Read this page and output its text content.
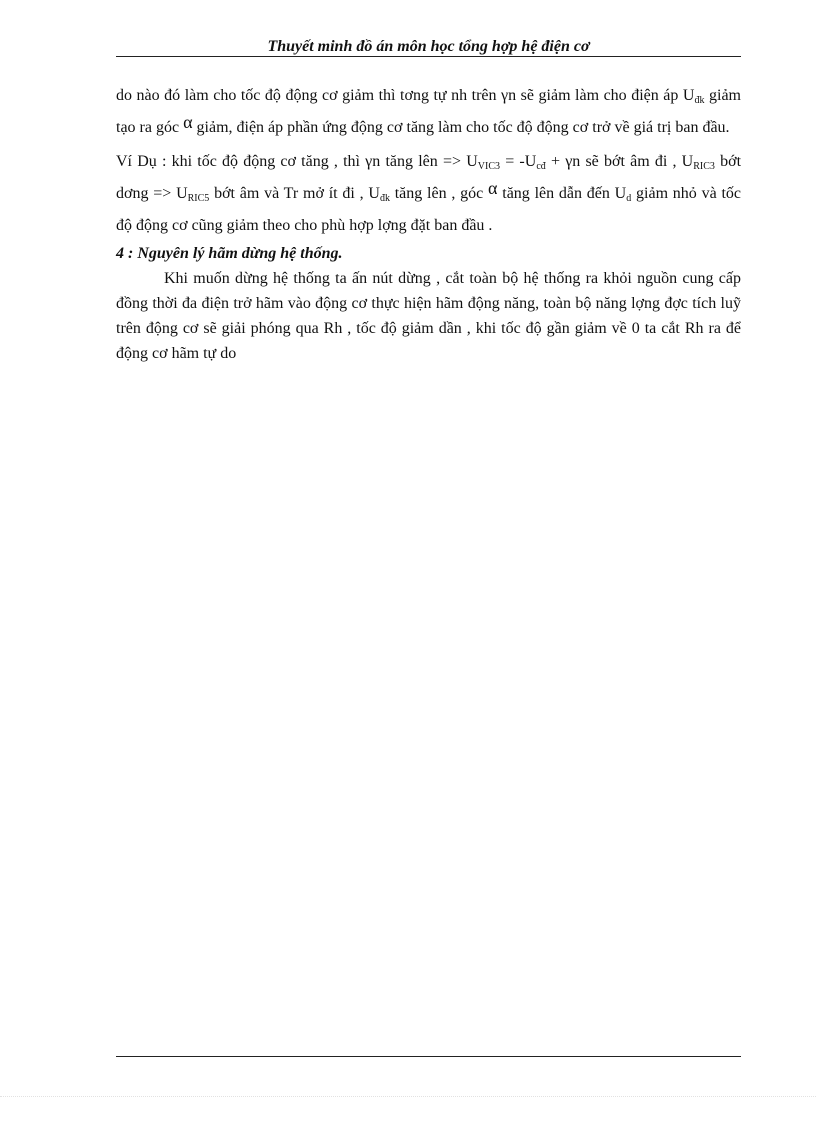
Thuyết minh đồ án môn học tổng hợp hệ điện cơ

do nào đó làm cho tốc độ động cơ giảm thì tơng tự nh trên γn sẽ giảm làm cho điện áp $U_{đk}$ giảm tạo ra góc α giảm, điện áp phần ứng động cơ tăng làm cho tốc độ động cơ trở về giá trị ban đầu.

Ví Dụ : khi tốc độ động cơ tăng , thì γn tăng lên => $U_{VIC3} = -U_{cđ} + \gamma n$ sẽ bớt âm đi , $U_{RIC3}$ bớt dơng => $U_{RIC5}$ bớt âm và Tr mở ít đi , $U_{đk}$ tăng lên , góc α tăng lên dẫn đến $U_d$ giảm nhỏ và tốc độ động cơ cũng giảm theo cho phù hợp lợng đặt ban đầu .

4 : Nguyên lý hãm dừng hệ thống.

Khi muốn dừng hệ thống ta ấn nút dừng , cắt toàn bộ hệ thống ra khỏi nguồn cung cấp đồng thời đa điện trở hãm vào động cơ thực hiện hãm động năng, toàn bộ năng lợng đợc tích luỹ trên động cơ sẽ giải phóng qua Rh , tốc độ giảm dần , khi tốc độ gần giảm về 0 ta cắt Rh ra để động cơ hãm tự do
